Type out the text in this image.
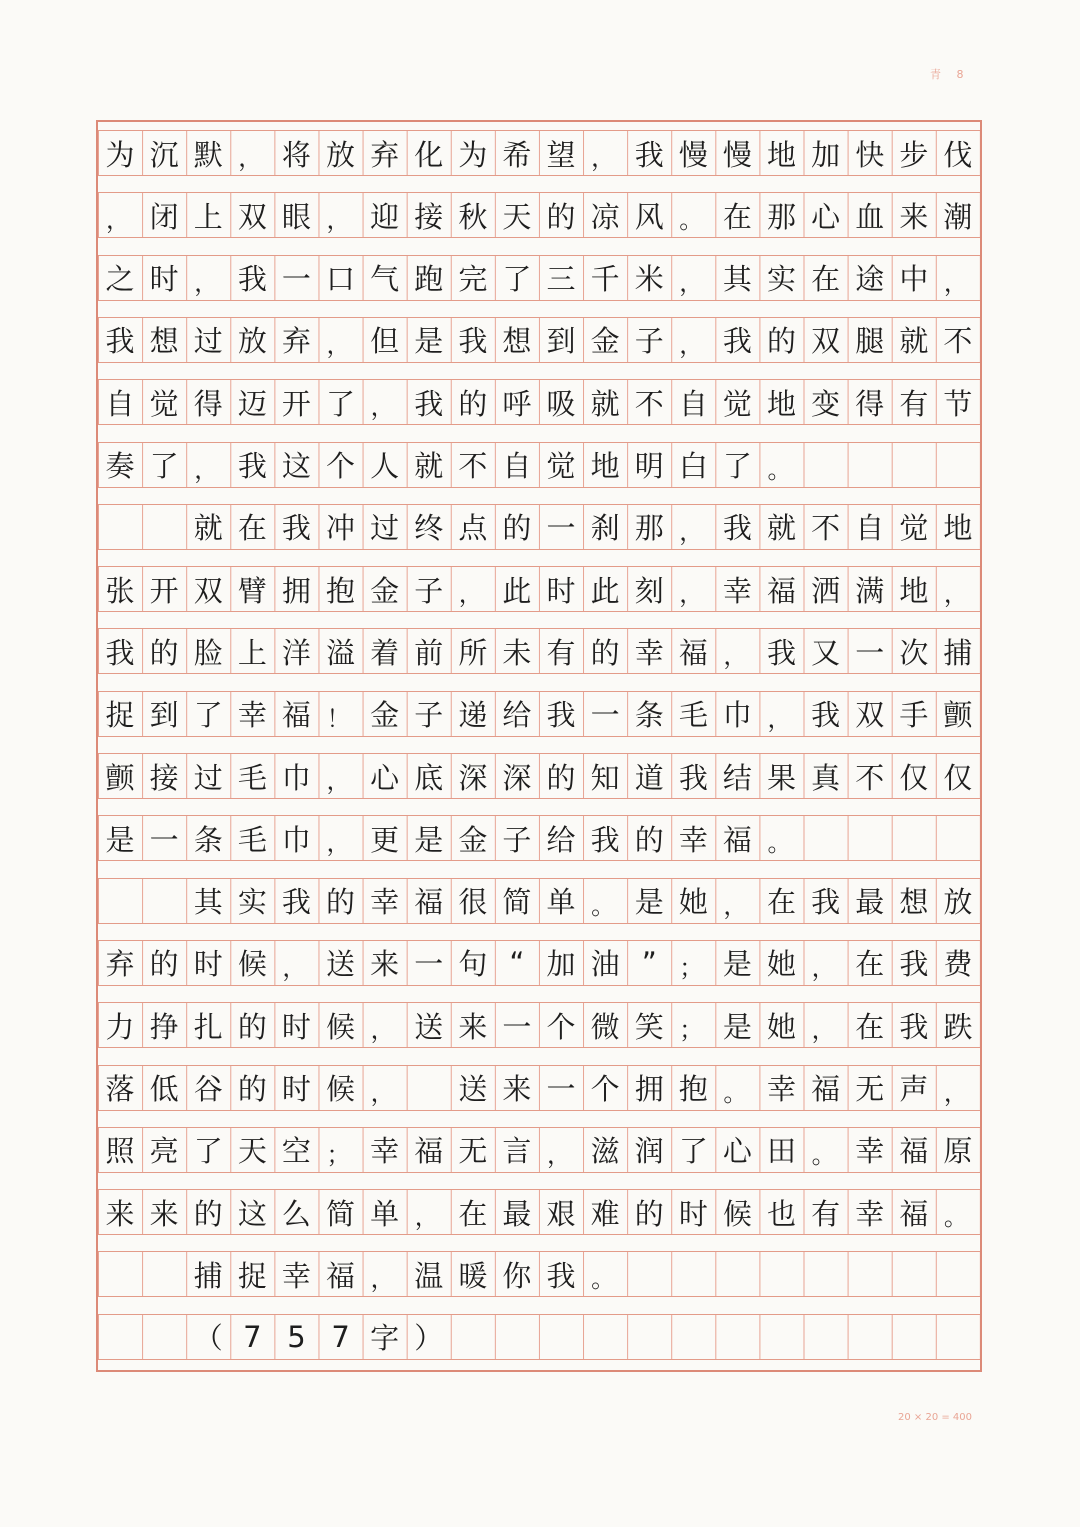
青 8
为 沉 默 ， 将 放 弃 化 为 希 望 ， 我 慢 慢 地 加 快 步 伐
， 闭 上 双 眼 ， 迎 接 秋 天 的 凉 风 。 在 那 心 血 来 潮
之 时 ， 我 一 口 气 跑 完 了 三 千 米 ， 其 实 在 途 中 ，
我 想 过 放 弃 ， 但 是 我 想 到 金 子 ， 我 的 双 腿 就 不
自 觉 得 迈 开 了 ， 我 的 呼 吸 就 不 自 觉 地 变 得 有 节
奏 了 ， 我 这 个 人 就 不 自 觉 地 明 白 了 。
就 在 我 冲 过 终 点 的 一 刹 那 ， 我 就 不 自 觉 地
张 开 双 臂 拥 抱 金 子 ， 此 时 此 刻 ， 幸 福 洒 满 地 ，
我 的 脸 上 洋 溢 着 前 所 未 有 的 幸 福 ， 我 又 一 次 捕
捉 到 了 幸 福 ！ 金 子 递 给 我 一 条 毛 巾 ， 我 双 手 颤
颤 接 过 毛 巾 ， 心 底 深 深 的 知 道 我 结 果 真 不 仅 仅
是 一 条 毛 巾 ， 更 是 金 子 给 我 的 幸 福 。
其 实 我 的 幸 福 很 简 单 。 是 她 ， 在 我 最 想 放
弃 的 时 候 ， 送 来 一 句 “ 加 油 ” ； 是 她 ， 在 我 费
力 挣 扎 的 时 候 ， 送 来 一 个 微 笑 ； 是 她 ， 在 我 跌
落 低 谷 的 时 候 ，	送 来 一 个 拥 抱 。 幸 福 无 声 ，
照 亮 了 天 空 ； 幸 福 无 言 ， 滋 润 了 心 田 。 幸 福 原
来 来 的 这 么 简 单 ， 在 最 艰 难 的 时 候 也 有 幸 福 。
捕 捉 幸 福 ， 温 暖 你 我 。
（ 7 5 7 字 ）
20 × 20 = 400
